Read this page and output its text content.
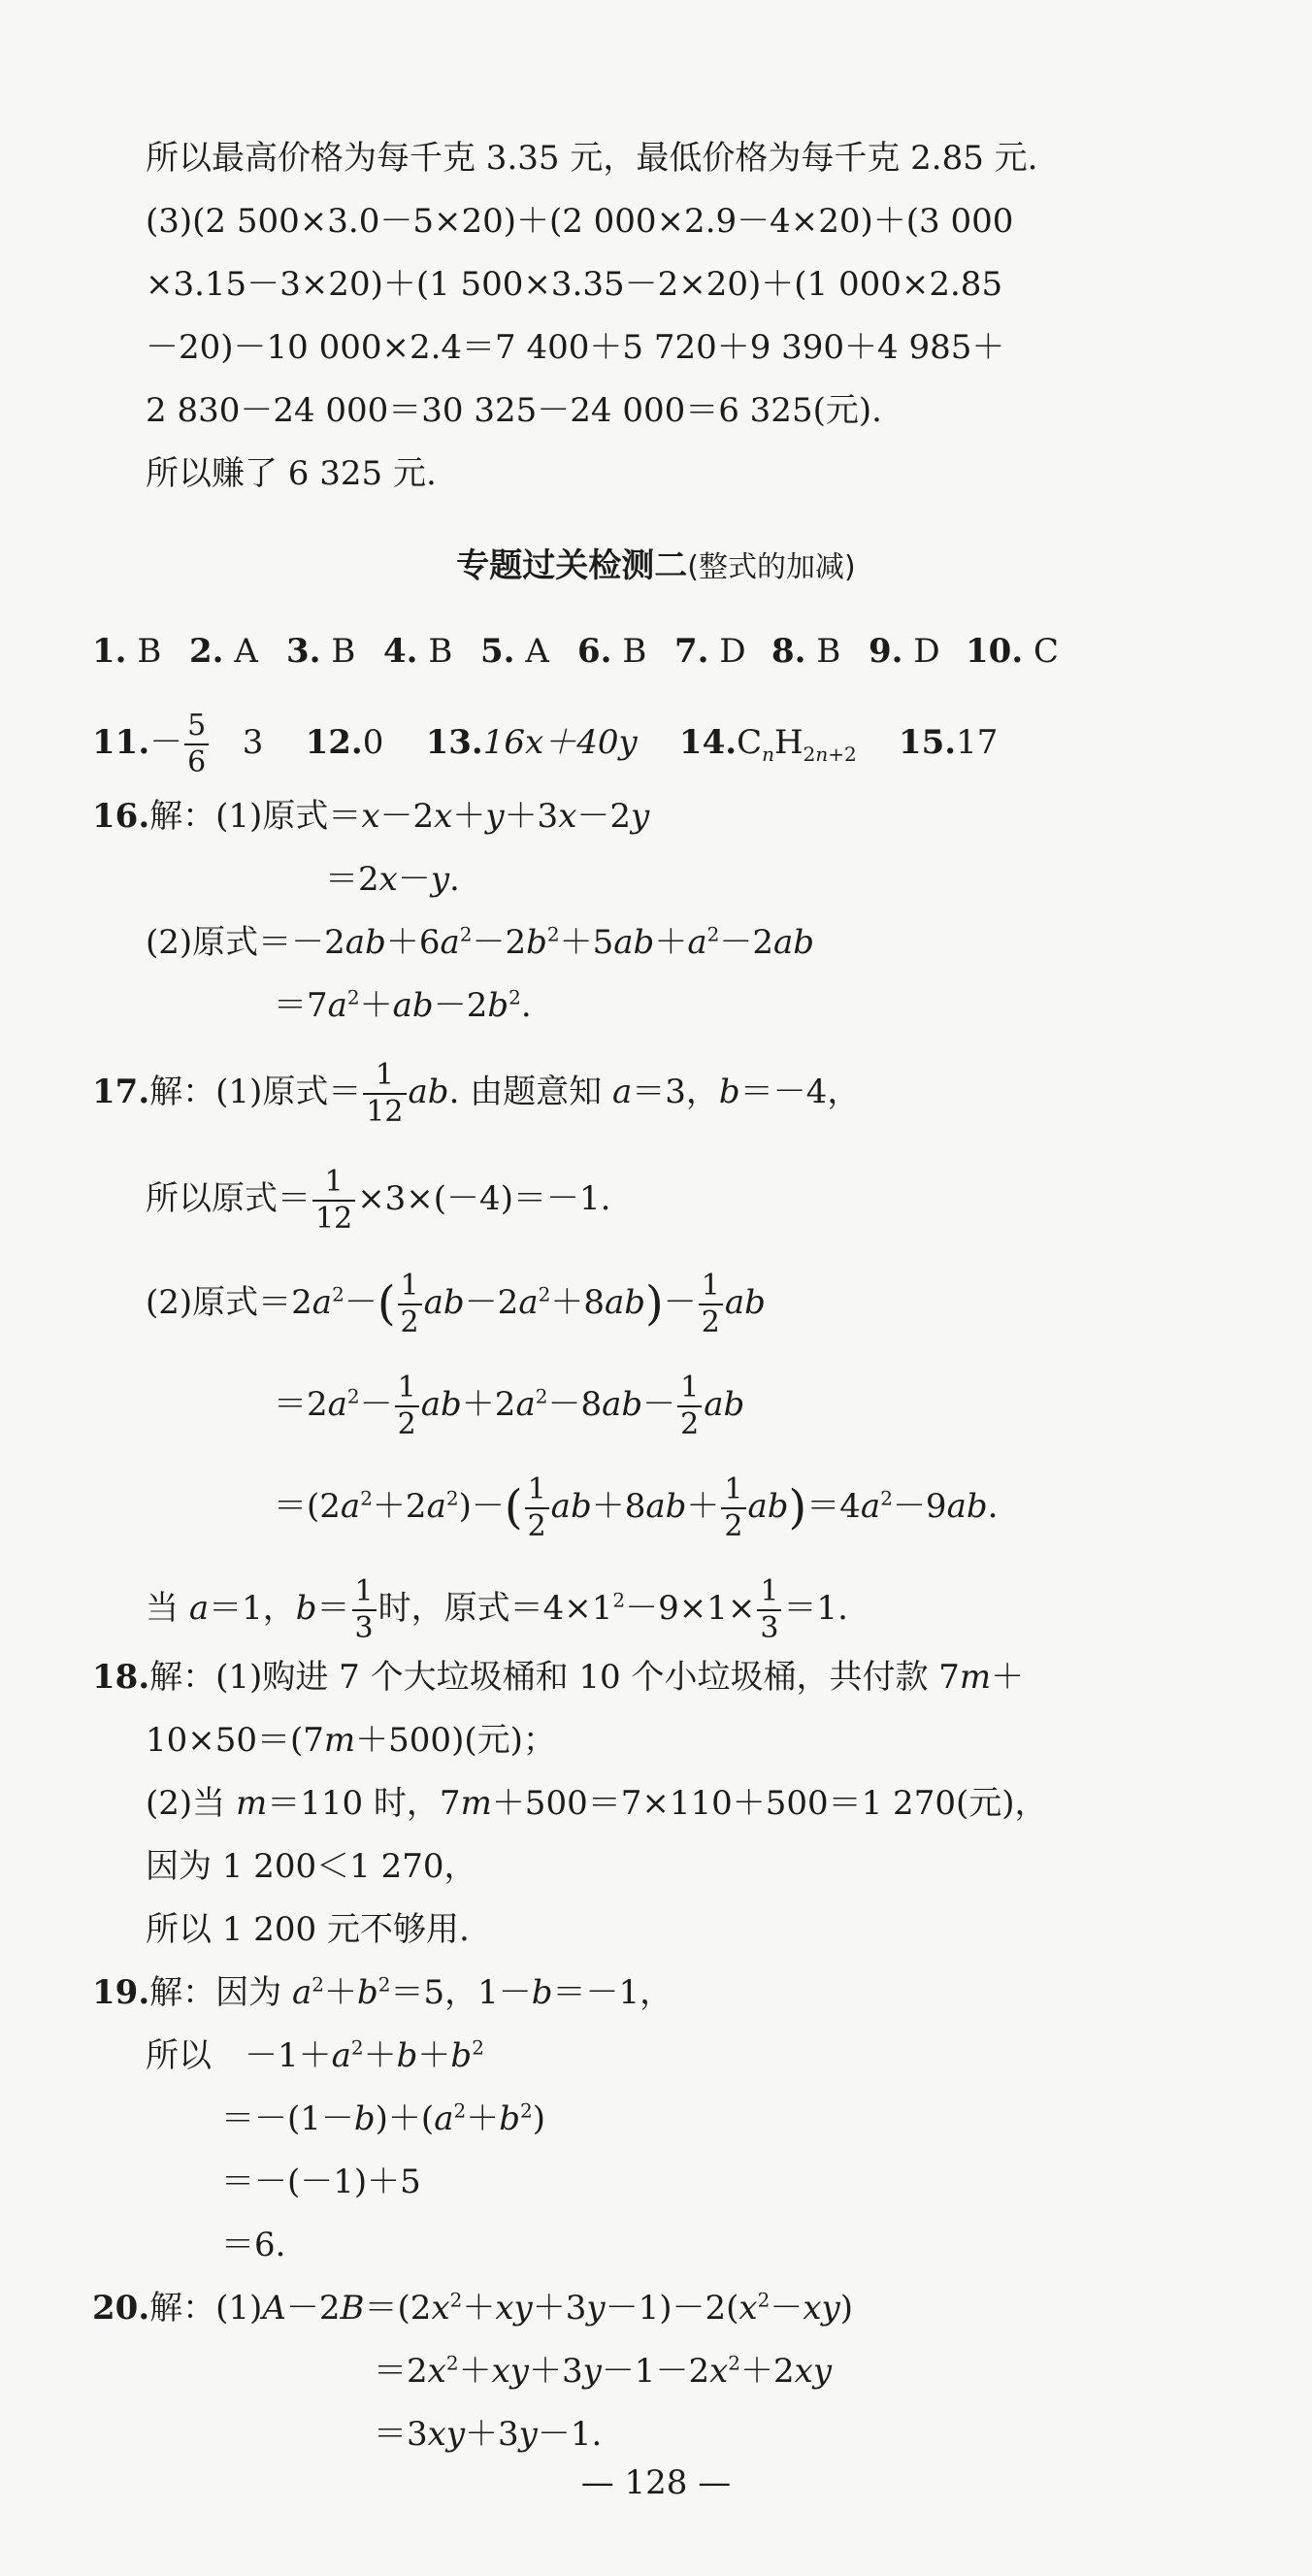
所以最高价格为每千克 3.35 元，最低价格为每千克 2.85 元.
(3)(2 500×3.0－5×20)＋(2 000×2.9－4×20)＋(3 000
×3.15－3×20)＋(1 500×3.35－2×20)＋(1 000×2.85
－20)－10 000×2.4＝7 400＋5 720＋9 390＋4 985＋
2 830－24 000＝30 325－24 000＝6 325(元).
所以赚了 6 325 元.
专题过关检测二(整式的加减)
1. B 2. A 3. B 4. B 5. A 6. B 7. D 8. B 9. D 10. C
$11.- \frac{5}{6} 3$ 12.0 13.16x＋40y $14.C_nH_{2n+2}$ 15.17
16.解：(1)原式＝x－2x＋y＋3x－2y
＝2x－y.
(2)原式$=-2ab+6a^2-2b^2+5ab+a^2-2ab$
$=7a^2+ab-2b^2$.
17.解：(1)原式＝ $\frac{1}{12}$ ab. 由题意知 a＝3，b＝－4，
所以原式＝ $\frac{1}{12} \times 3\times(-4)=-1$.
(2)原式$=2a^2-( \frac{1}{2} ab-2a^2+8ab)- \frac{1}{2}$ ab
$=2a^2- \frac{1}{2} ab+2a^2-8ab- \frac{1}{2}$ ab
$=(2a^2+2a^2)-( \frac{1}{2} ab+8ab+ \frac{1}{2} ab)=4a^2-9ab$.
当 a＝1，$b= \frac{1}{3}$ 时，原式$=4\times 1^2-9\times 1\times \frac{1}{3} =1$.
18.解：(1)购进 7 个大垃圾桶和 10 个小垃圾桶，共付款 7m＋
10×50＝(7m＋500)(元)；
(2)当 m＝110 时，7m＋500＝7×110＋500＝1 270(元)，
因为 1 200＜1 270，
所以 1 200 元不够用.
19.解：因为 $a^2+b^2=5$，1－b＝－1，
所以　$-1+a^2+b+b^2$
$=-(1-b)+(a^2+b^2)$
＝－(－1)＋5
＝6.
20.解：$(1)A-2B=(2x^2+xy+3y-1)-2(x^2-xy)$
$=2x^2+xy+3y-1-2x^2+2xy$
＝3xy＋3y－1.
— 128 —
